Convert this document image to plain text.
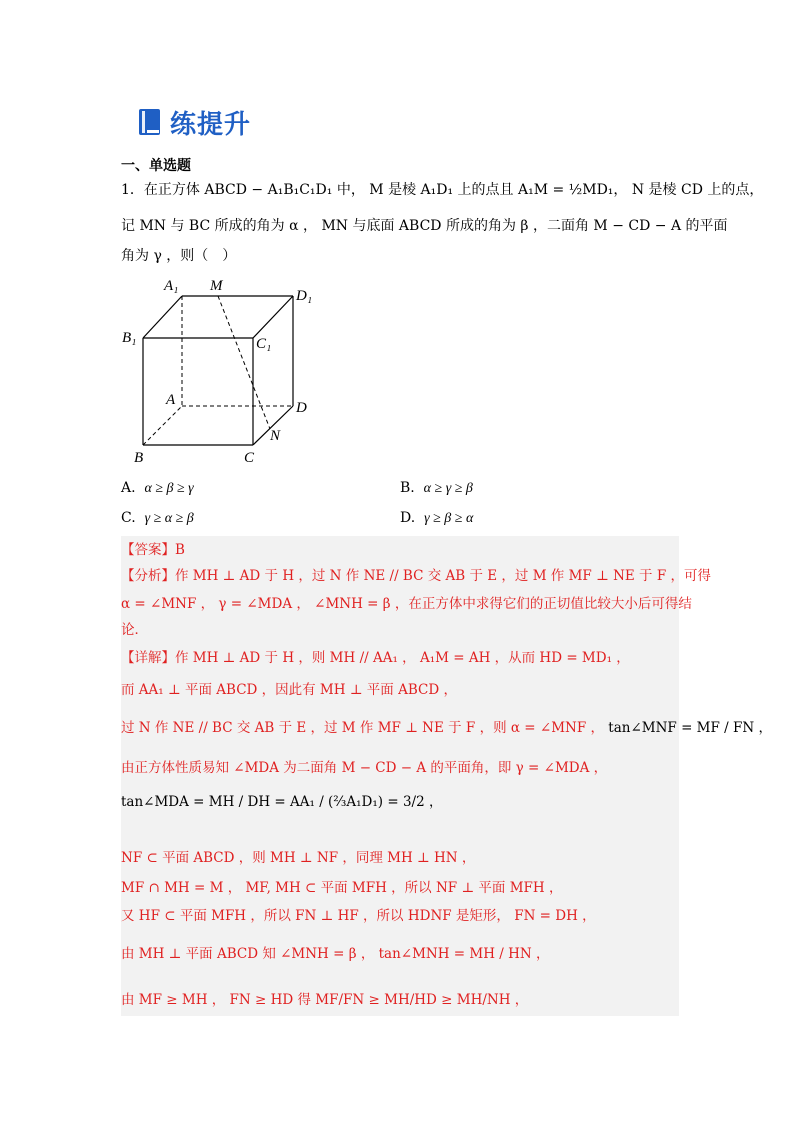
练提升
一、单选题
1．在正方体 ABCD − A₁B₁C₁D₁ 中， M 是棱 A₁D₁ 上的点且 A₁M = ½MD₁， N 是棱 CD 上的点，
记 MN 与 BC 所成的角为 α ， MN 与底面 ABCD 所成的角为 β ，二面角 M − CD − A 的平面
角为 γ ，则（　）
A₁ M
D₁
B₁	C₁
A	D
N
B	C
A. α ≥ β ≥ γ	B. α ≥ γ ≥ β
C. γ ≥ α ≥ β	D. γ ≥ β ≥ α
【答案】B
【分析】作 MH ⊥ AD 于 H ，过 N 作 NE // BC 交 AB 于 E ，过 M 作 MF ⊥ NE 于 F ，可得
α = ∠MNF ， γ = ∠MDA ， ∠MNH = β ，在正方体中求得它们的正切值比较大小后可得结
论．
【详解】作 MH ⊥ AD 于 H ，则 MH // AA₁ ， A₁M = AH ，从而 HD = MD₁ ，
而 AA₁ ⊥ 平面 ABCD ，因此有 MH ⊥ 平面 ABCD ，
过 N 作 NE // BC 交 AB 于 E ，过 M 作 MF ⊥ NE 于 F ，则 α = ∠MNF ， tan∠MNF = MF / FN ，
由正方体性质易知 ∠MDA 为二面角 M − CD − A 的平面角，即 γ = ∠MDA ，
tan∠MDA = MH / DH = AA₁ / (⅔A₁D₁) = 3/2 ，
NF ⊂ 平面 ABCD ，则 MH ⊥ NF ，同理 MH ⊥ HN ，
MF ∩ MH = M ， MF, MH ⊂ 平面 MFH ，所以 NF ⊥ 平面 MFH ，
又 HF ⊂ 平面 MFH ，所以 FN ⊥ HF ，所以 HDNF 是矩形， FN = DH ，
由 MH ⊥ 平面 ABCD 知 ∠MNH = β ， tan∠MNH = MH / HN ，
由 MF ≥ MH ， FN ≥ HD 得 MF/FN ≥ MH/HD ≥ MH/NH ，
